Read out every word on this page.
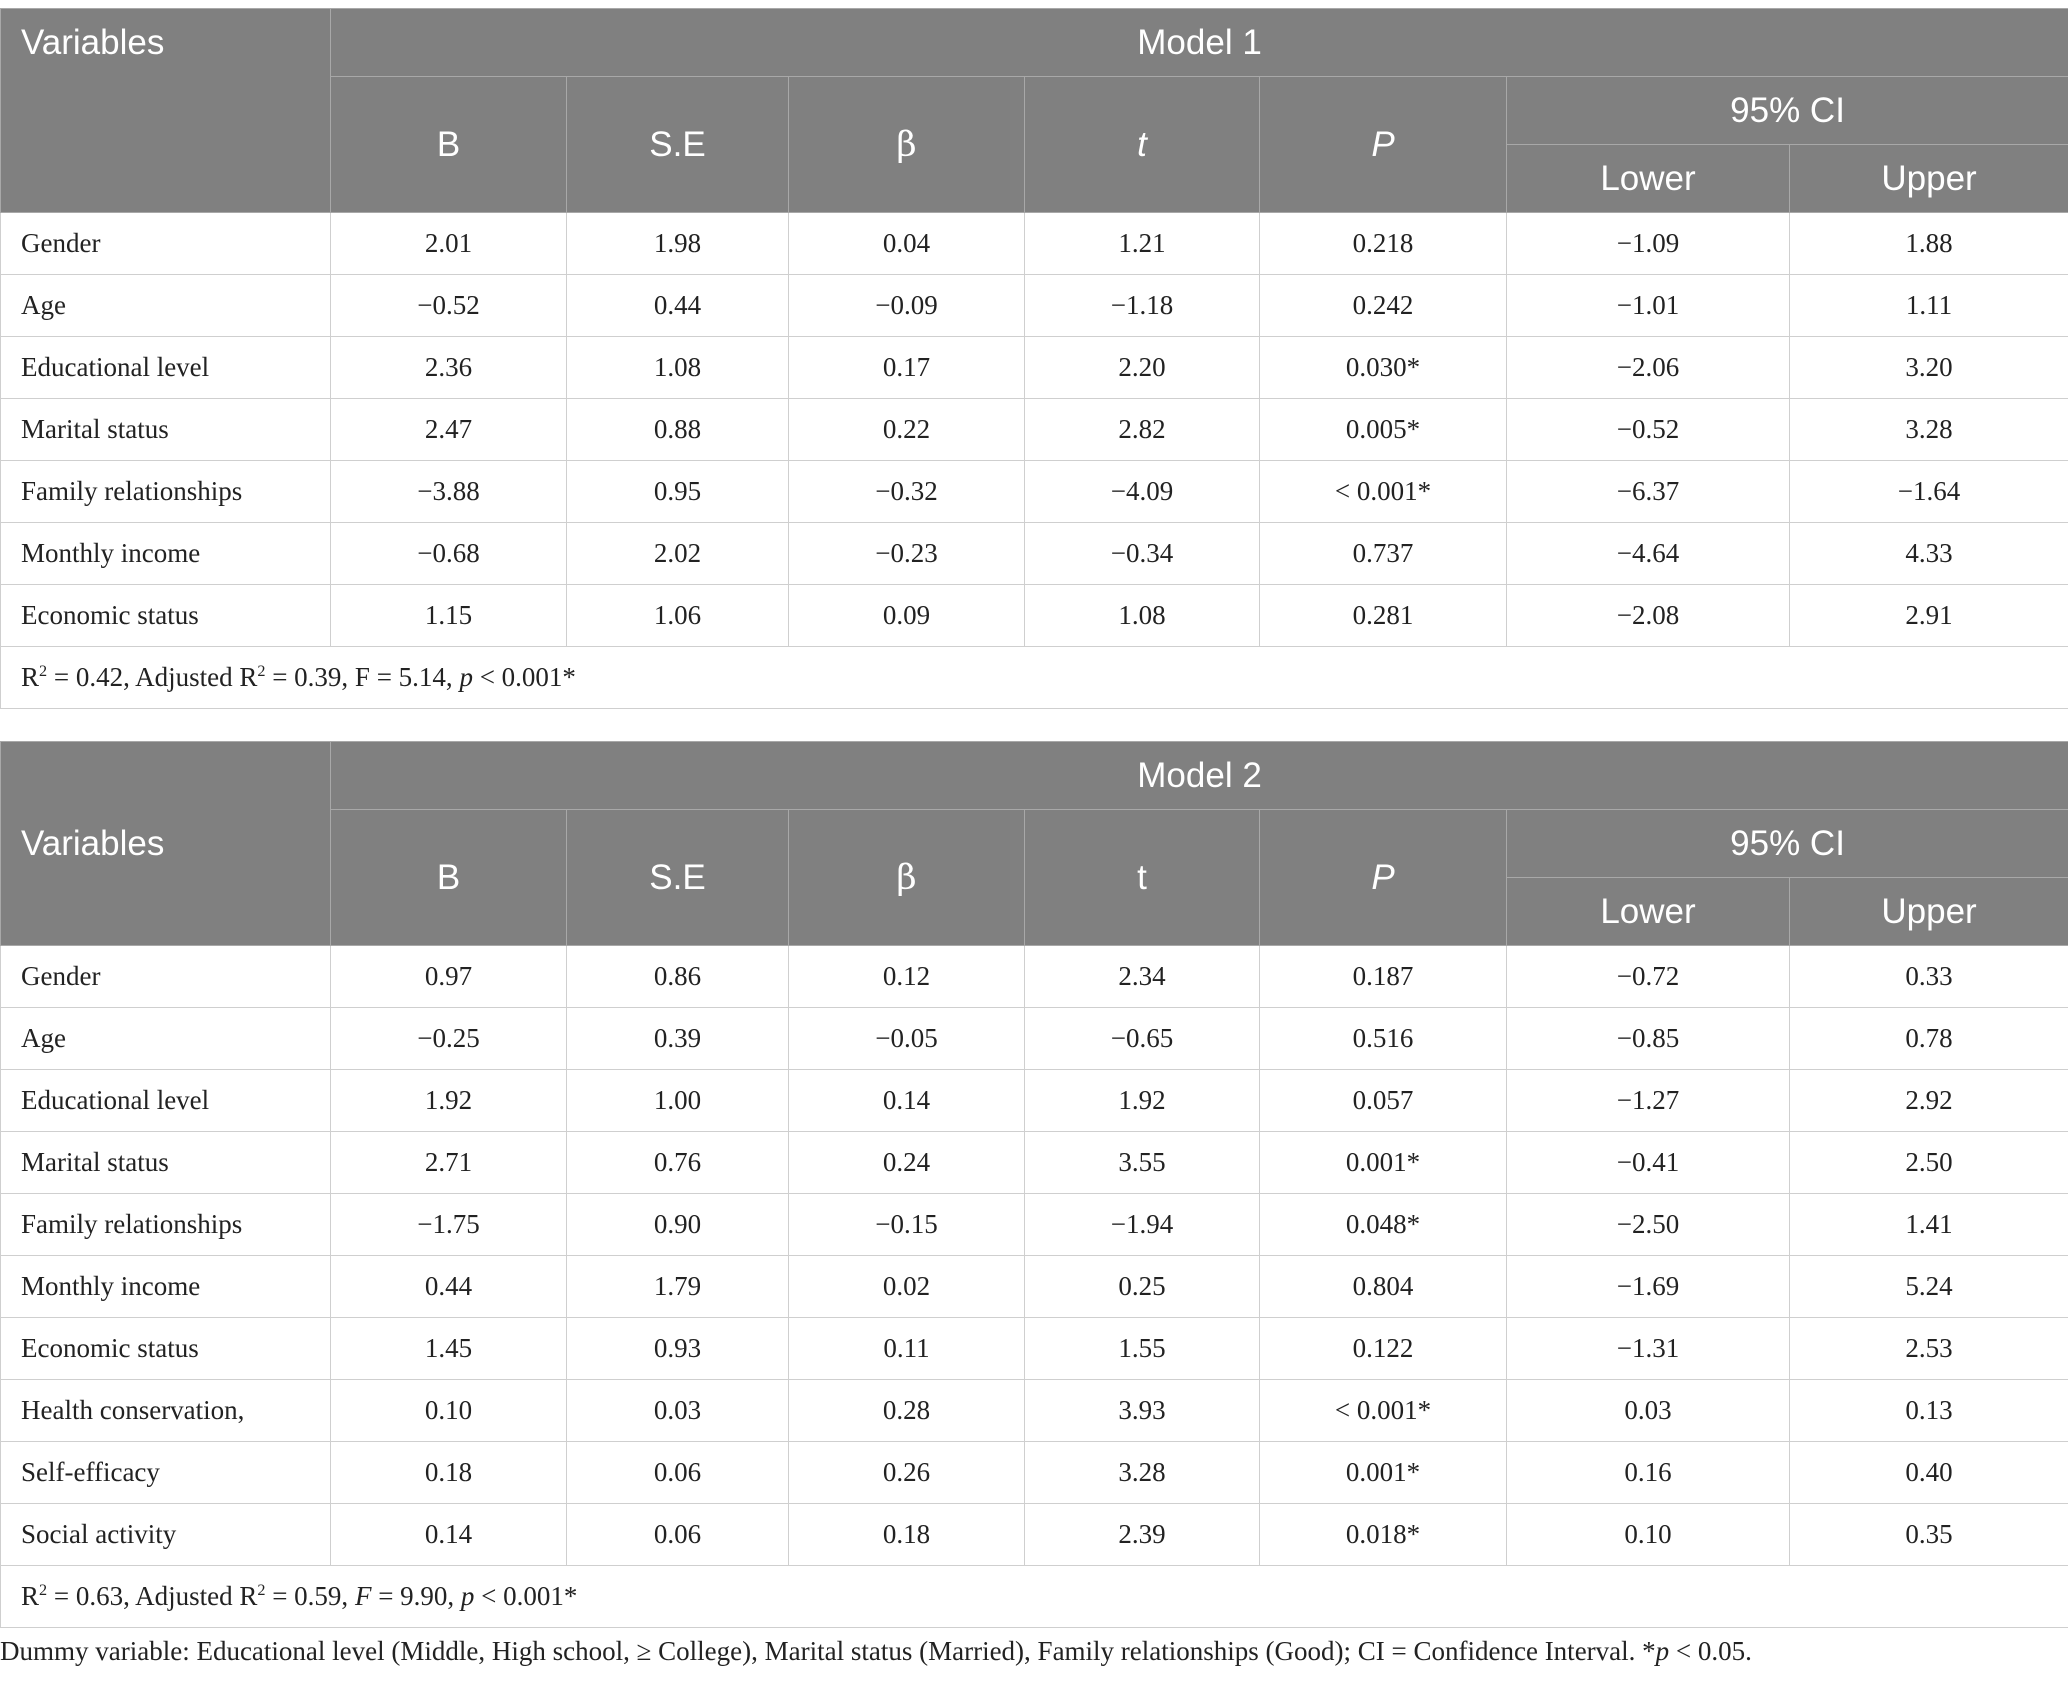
Variables	Model 1						
	B	S.E	β	t	P	95% CI	
						Lower	Upper
Gender	2.01	1.98	0.04	1.21	0.218	−1.09	1.88
Age	−0.52	0.44	−0.09	−1.18	0.242	−1.01	1.11
Educational level	2.36	1.08	0.17	2.20	0.030*	−2.06	3.20
Marital status	2.47	0.88	0.22	2.82	0.005*	−0.52	3.28
Family relationships	−3.88	0.95	−0.32	−4.09	< 0.001*	−6.37	−1.64
Monthly income	−0.68	2.02	−0.23	−0.34	0.737	−4.64	4.33
Economic status	1.15	1.06	0.09	1.08	0.281	−2.08	2.91
$R^2 = 0.42$, Adjusted $R^2 = 0.39$, F = 5.14, p < 0.001*							
Variables	Model 2						
	B	S.E	β	t	P	95% CI	
						Lower	Upper
Gender	0.97	0.86	0.12	2.34	0.187	−0.72	0.33
Age	−0.25	0.39	−0.05	−0.65	0.516	−0.85	0.78
Educational level	1.92	1.00	0.14	1.92	0.057	−1.27	2.92
Marital status	2.71	0.76	0.24	3.55	0.001*	−0.41	2.50
Family relationships	−1.75	0.90	−0.15	−1.94	0.048*	−2.50	1.41
Monthly income	0.44	1.79	0.02	0.25	0.804	−1.69	5.24
Economic status	1.45	0.93	0.11	1.55	0.122	−1.31	2.53
Health conservation,	0.10	0.03	0.28	3.93	< 0.001*	0.03	0.13
Self-efficacy	0.18	0.06	0.26	3.28	0.001*	0.16	0.40
Social activity	0.14	0.06	0.18	2.39	0.018*	0.10	0.35
$R^2 = 0.63$, Adjusted $R^2 = 0.59$, F = 9.90, p < 0.001*							
Dummy variable: Educational level (Middle, High school, ≥ College), Marital status (Married), Family relationships (Good); CI = Confidence Interval. *p < 0.05.
